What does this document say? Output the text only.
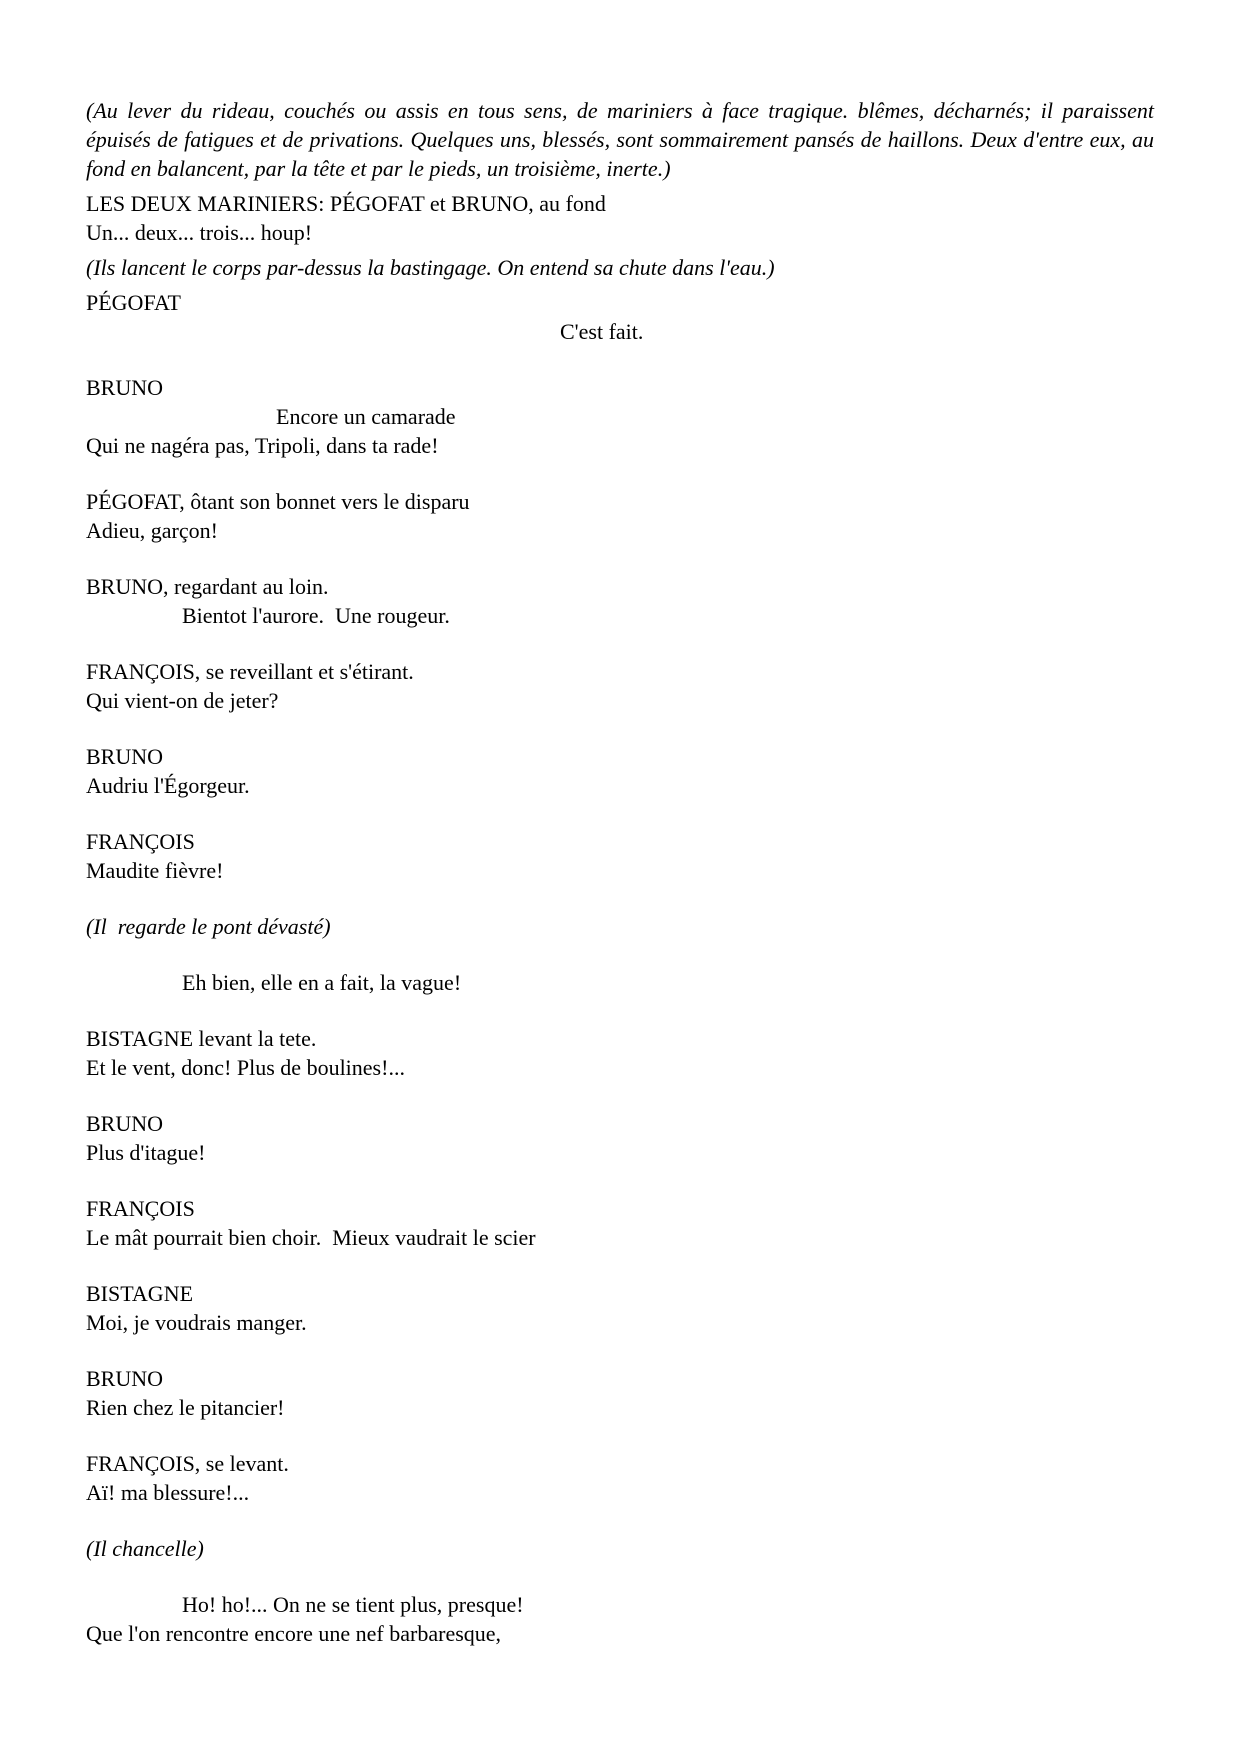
(Au lever du rideau, couchés ou assis en tous sens, de mariniers à face tragique. blêmes, décharnés; il paraissent épuisés de fatigues et de privations. Quelques uns, blessés, sont sommairement pansés de haillons. Deux d'entre eux, au fond en balancent, par la tête et par le pieds, un troisième, inerte.)

LES DEUX MARINIERS: PÉGOFAT et BRUNO, au fond

Un... deux... trois... houp!

(Ils lancent le corps par-dessus la bastingage. On entend sa chute dans l'eau.)

PÉGOFAT

C'est fait.

BRUNO

Encore un camarade

Qui ne nagéra pas, Tripoli, dans ta rade!

PÉGOFAT, ôtant son bonnet vers le disparu

Adieu, garçon!

BRUNO, regardant au loin.

Bientot l'aurore.  Une rougeur.

FRANÇOIS, se reveillant et s'étirant.

Qui vient-on de jeter?

BRUNO

Audriu l'Égorgeur.

FRANÇOIS

Maudite fièvre!

(Il  regarde le pont dévasté)

Eh bien, elle en a fait, la vague!

BISTAGNE levant la tete.

Et le vent, donc! Plus de boulines!...

BRUNO

Plus d'itague!

FRANÇOIS

Le mât pourrait bien choir.  Mieux vaudrait le scier

BISTAGNE

Moi, je voudrais manger.

BRUNO

Rien chez le pitancier!

FRANÇOIS, se levant.

Aï! ma blessure!...

(Il chancelle)

Ho! ho!... On ne se tient plus, presque!

Que l'on rencontre encore une nef barbaresque,
